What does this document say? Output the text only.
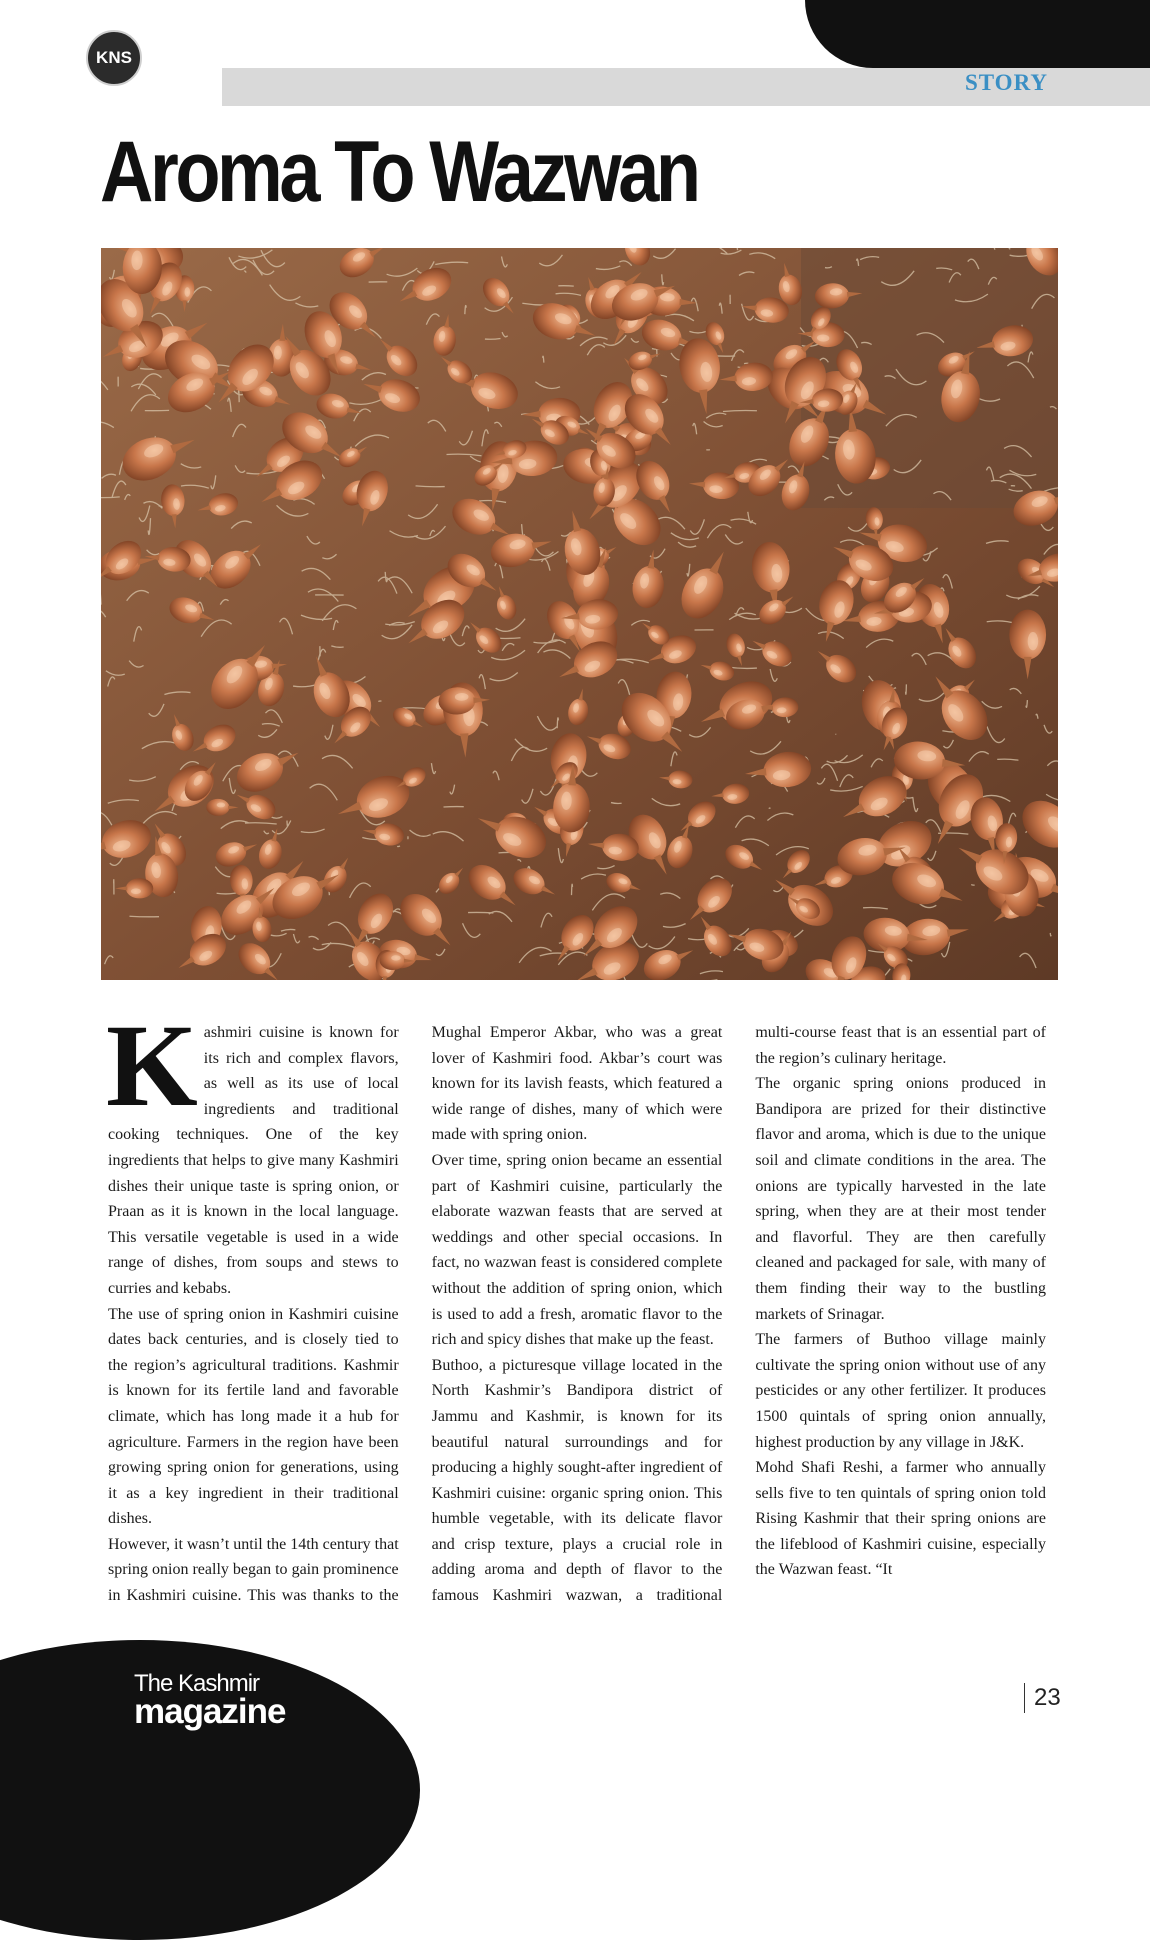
KNS
STORY
Aroma To Wazwan

Kashmiri cuisine is known for its rich and complex flavors, as well as its use of local ingredients and traditional cooking techniques. One of the key ingredients that helps to give many Kashmiri dishes their unique taste is spring onion, or Praan as it is known in the local language. This versatile vegetable is used in a wide range of dishes, from soups and stews to curries and kebabs.

The use of spring onion in Kashmiri cuisine dates back centuries, and is closely tied to the region’s agricultural traditions. Kashmir is known for its fertile land and favorable climate, which has long made it a hub for agriculture. Farmers in the region have been growing spring onion for generations, using it as a key ingredient in their traditional dishes.

However, it wasn’t until the 14th century that spring onion really began to gain prominence in Kashmiri cuisine. This was thanks to the Mughal Emperor Akbar, who was a great lover of Kashmiri food. Akbar’s court was known for its lavish feasts, which featured a wide range of dishes, many of which were made with spring onion.

Over time, spring onion became an essential part of Kashmiri cuisine, particularly the elaborate wazwan feasts that are served at weddings and other special occasions. In fact, no wazwan feast is considered complete without the addition of spring onion, which is used to add a fresh, aromatic flavor to the rich and spicy dishes that make up the feast.

Buthoo, a picturesque village located in the North Kashmir’s Bandipora district of Jammu and Kashmir, is known for its beautiful natural surroundings and for producing a highly sought-after ingredient of Kashmiri cuisine: organic spring onion. This humble vegetable, with its delicate flavor and crisp texture, plays a crucial role in adding aroma and depth of flavor to the famous Kashmiri wazwan, a traditional multi-course feast that is an essential part of the region’s culinary heritage.

The organic spring onions produced in Bandipora are prized for their distinctive flavor and aroma, which is due to the unique soil and climate conditions in the area. The onions are typically harvested in the late spring, when they are at their most tender and flavorful. They are then carefully cleaned and packaged for sale, with many of them finding their way to the bustling markets of Srinagar.

The farmers of Buthoo village mainly cultivate the spring onion without use of any pesticides or any other fertilizer. It produces 1500 quintals of spring onion annually, highest production by any village in J&K.

Mohd Shafi Reshi, a farmer who annually sells five to ten quintals of spring onion told Rising Kashmir that their spring onions are the lifeblood of Kashmiri cuisine, especially the Wazwan feast. “It

The Kashmir
magazine	23
